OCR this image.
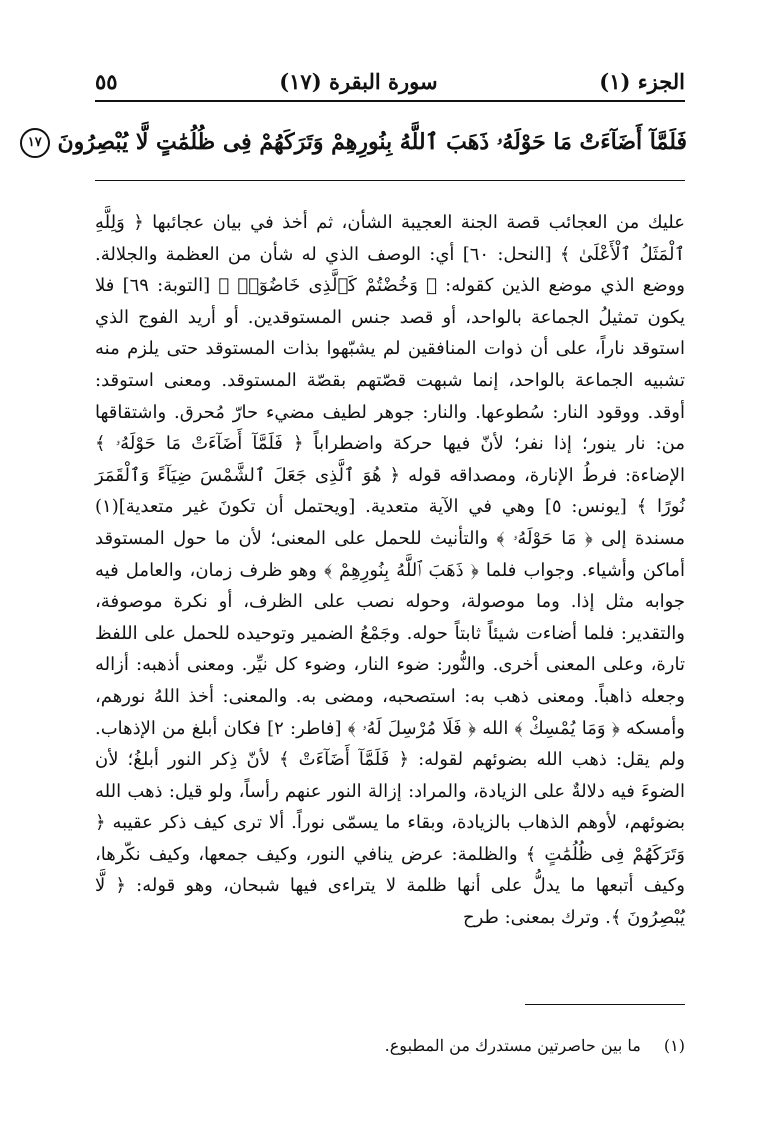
الجزء (١)
سورة البقرة (١٧)
٥٥
فَلَمَّآ أَضَآءَتْ مَا حَوْلَهُۥ ذَهَبَ ٱللَّهُ بِنُورِهِمْ وَتَرَكَهُمْ فِى ظُلُمَٰتٍ لَّا يُبْصِرُونَ ١٧

عليك من العجائب قصة الجنة العجيبة الشأن، ثم أخذ في بيان عجائبها ﴿ وَلِلَّهِ ٱلْمَثَلُ ٱلْأَعْلَىٰ ﴾ [النحل: ٦٠] أي: الوصف الذي له شأن من العظمة والجلالة. ووضع الذي موضع الذين كقوله: ﴿ وَخُضْتُمْ كَٱلَّذِى خَاضُوٓا۟ ﴾ [التوبة: ٦٩] فلا يكون تمثيلُ الجماعة بالواحد، أو قصد جنس المستوقدين. أو أريد الفوج الذي استوقد ناراً، على أن ذوات المنافقين لم يشبّهوا بذات المستوقد حتى يلزم منه تشبيه الجماعة بالواحد، إنما شبهت قصّتهم بقصّة المستوقد. ومعنى استوقد: أوقد. ووقود النار: سُطوعها. والنار: جوهر لطيف مضيء حارّ مُحرق. واشتقاقها من: نار ينور؛ إذا نفر؛ لأنّ فيها حركة واضطراباً ﴿ فَلَمَّآ أَضَآءَتْ مَا حَوْلَهُۥ ﴾ الإضاءة: فرطُ الإنارة، ومصداقه قوله ﴿ هُوَ ٱلَّذِى جَعَلَ ٱلشَّمْسَ ضِيَآءً وَٱلْقَمَرَ نُورًا ﴾ [يونس: ٥] وهي في الآية متعدية. [ويحتمل أن تكونَ غير متعدية](١) مسندة إلى ﴿ مَا حَوْلَهُۥ ﴾ والتأنيث للحمل على المعنى؛ لأن ما حول المستوقد أماكن وأشياء. وجواب فلما ﴿ ذَهَبَ ٱللَّهُ بِنُورِهِمْ ﴾ وهو ظرف زمان، والعامل فيه جوابه مثل إذا. وما موصولة، وحوله نصب على الظرف، أو نكرة موصوفة، والتقدير: فلما أضاءت شيئاً ثابتاً حوله. وجَمْعُ الضمير وتوحيده للحمل على اللفظ تارة، وعلى المعنى أخرى. والنُّور: ضوء النار، وضوء كل نيِّر. ومعنى أذهبه: أزاله وجعله ذاهباً. ومعنى ذهب به: استصحبه، ومضى به. والمعنى: أخذ اللهُ نورهم، وأمسكه ﴿ وَمَا يُمْسِكْ ﴾ الله ﴿ فَلَا مُرْسِلَ لَهُۥ ﴾ [فاطر: ٢] فكان أبلغ من الإذهاب. ولم يقل: ذهب الله بضوئهم لقوله: ﴿ فَلَمَّآ أَضَآءَتْ ﴾ لأنّ ذِكر النور أبلغُ؛ لأن الضوءَ فيه دلالةٌ على الزيادة، والمراد: إزالة النور عنهم رأساً، ولو قيل: ذهب الله بضوئهم، لأوهم الذهاب بالزيادة، وبقاء ما يسمّى نوراً. ألا ترى كيف ذكر عقيبه ﴿ وَتَرَكَهُمْ فِى ظُلُمَٰتٍ ﴾ والظلمة: عرض ينافي النور، وكيف جمعها، وكيف نكّرها، وكيف أتبعها ما يدلُّ على أنها ظلمة لا يتراءى فيها شبحان، وهو قوله: ﴿ لَّا يُبْصِرُونَ ﴾. وترك بمعنى: طرح

(١) ما بين حاصرتين مستدرك من المطبوع.
